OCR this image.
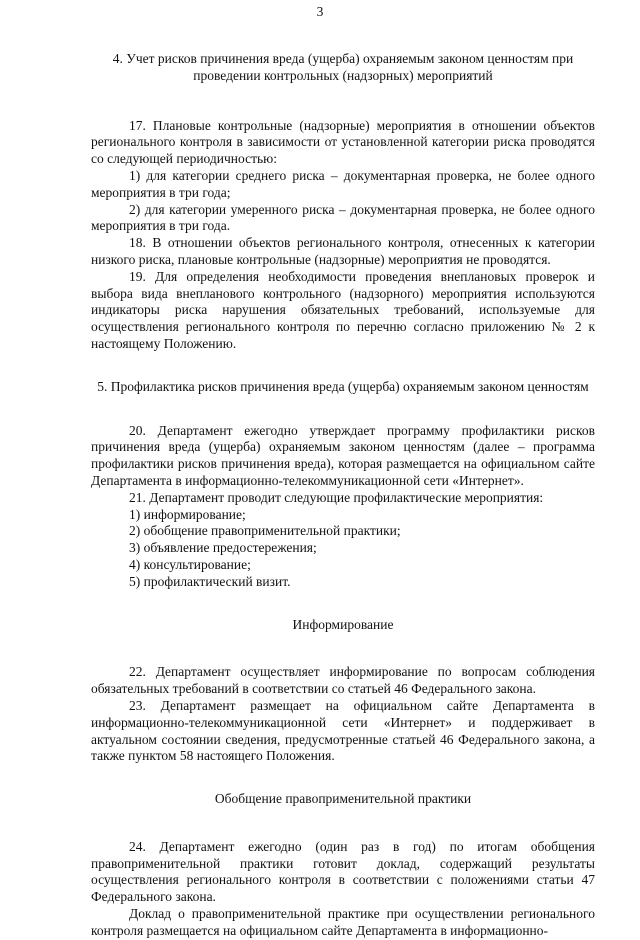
3
4. Учет рисков причинения вреда (ущерба) охраняемым законом ценностям при проведении контрольных (надзорных) мероприятий
17. Плановые контрольные (надзорные) мероприятия в отношении объектов регионального контроля в зависимости от установленной категории риска проводятся со следующей периодичностью:
1) для категории среднего риска – документарная проверка, не более одного мероприятия в три года;
2) для категории умеренного риска – документарная проверка, не более одного мероприятия в три года.
18. В отношении объектов регионального контроля, отнесенных к категории низкого риска, плановые контрольные (надзорные) мероприятия не проводятся.
19. Для определения необходимости проведения внеплановых проверок и выбора вида внепланового контрольного (надзорного) мероприятия используются индикаторы риска нарушения обязательных требований, используемые для осуществления регионального контроля по перечню согласно приложению № 2 к настоящему Положению.
5. Профилактика рисков причинения вреда (ущерба) охраняемым законом ценностям
20. Департамент ежегодно утверждает программу профилактики рисков причинения вреда (ущерба) охраняемым законом ценностям (далее – программа профилактики рисков причинения вреда), которая размещается на официальном сайте Департамента в информационно-телекоммуникационной сети «Интернет».
21. Департамент проводит следующие профилактические мероприятия:
1) информирование;
2) обобщение правоприменительной практики;
3) объявление предостережения;
4) консультирование;
5) профилактический визит.
Информирование
22. Департамент осуществляет информирование по вопросам соблюдения обязательных требований в соответствии со статьей 46 Федерального закона.
23. Департамент размещает на официальном сайте Департамента в информационно-телекоммуникационной сети «Интернет» и поддерживает в актуальном состоянии сведения, предусмотренные статьей 46 Федерального закона, а также пунктом 58 настоящего Положения.
Обобщение правоприменительной практики
24. Департамент ежегодно (один раз в год) по итогам обобщения правоприменительной практики готовит доклад, содержащий результаты осуществления регионального контроля в соответствии с положениями статьи 47 Федерального закона.
Доклад о правоприменительной практике при осуществлении регионального контроля размещается на официальном сайте Департамента в информационно-
